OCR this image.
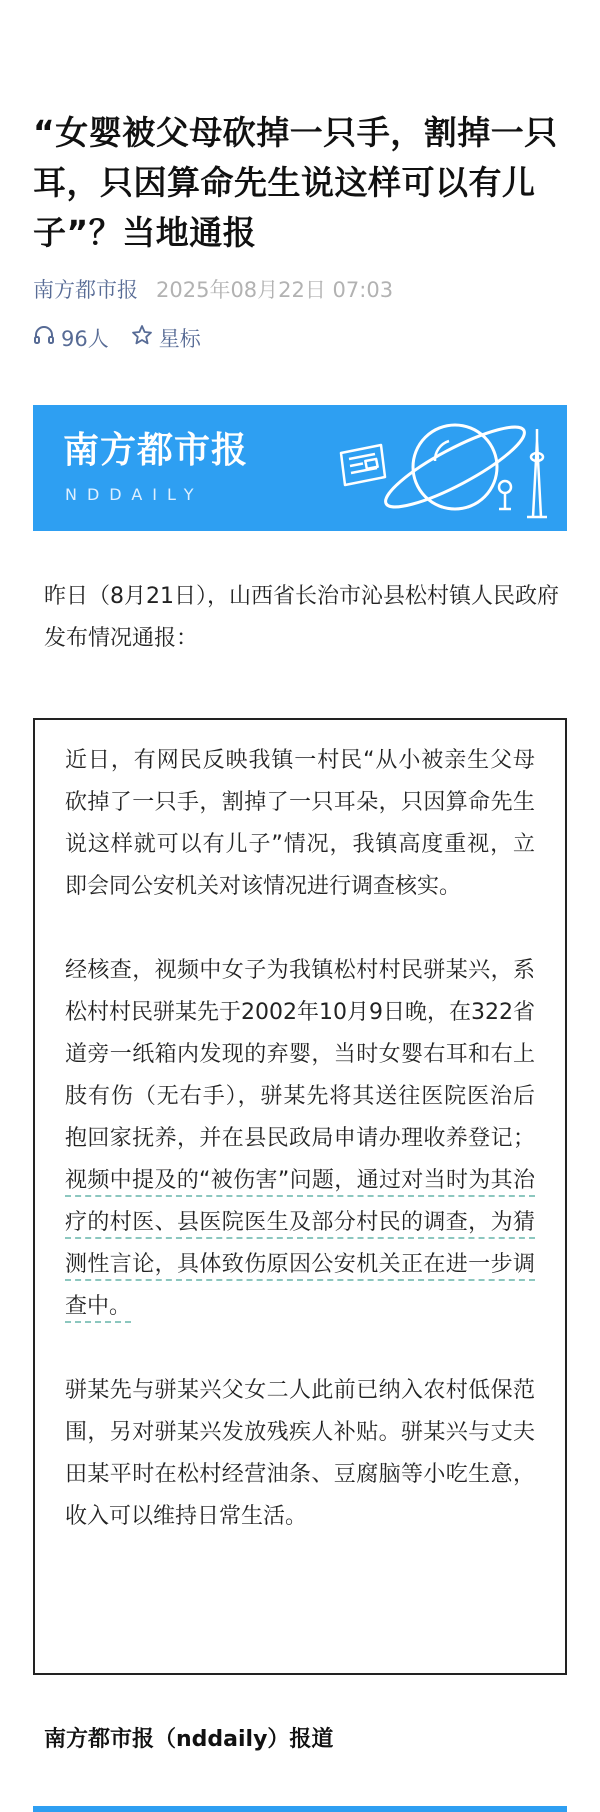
“女婴被父母砍掉一只手，割掉一只耳，只因算命先生说这样可以有儿子”？当地通报
南方都市报 2025年08月22日 07:03
96人 星标
南方都市报
NDDAILY

昨日（8月21日），山西省长治市沁县松村镇人民政府发布情况通报：

近日，有网民反映我镇一村民“从小被亲生父母砍掉了一只手，割掉了一只耳朵，只因算命先生说这样就可以有儿子”情况，我镇高度重视，立即会同公安机关对该情况进行调查核实。

经核查，视频中女子为我镇松村村民骈某兴，系松村村民骈某先于2002年10月9日晚，在322省道旁一纸箱内发现的弃婴，当时女婴右耳和右上肢有伤（无右手），骈某先将其送往医院医治后抱回家抚养，并在县民政局申请办理收养登记；视频中提及的“被伤害”问题，通过对当时为其治疗的村医、县医院医生及部分村民的调查，为猜测性言论，具体致伤原因公安机关正在进一步调查中。

骈某先与骈某兴父女二人此前已纳入农村低保范围，另对骈某兴发放残疾人补贴。骈某兴与丈夫田某平时在松村经营油条、豆腐脑等小吃生意，收入可以维持日常生活。

南方都市报（nddaily）报道
